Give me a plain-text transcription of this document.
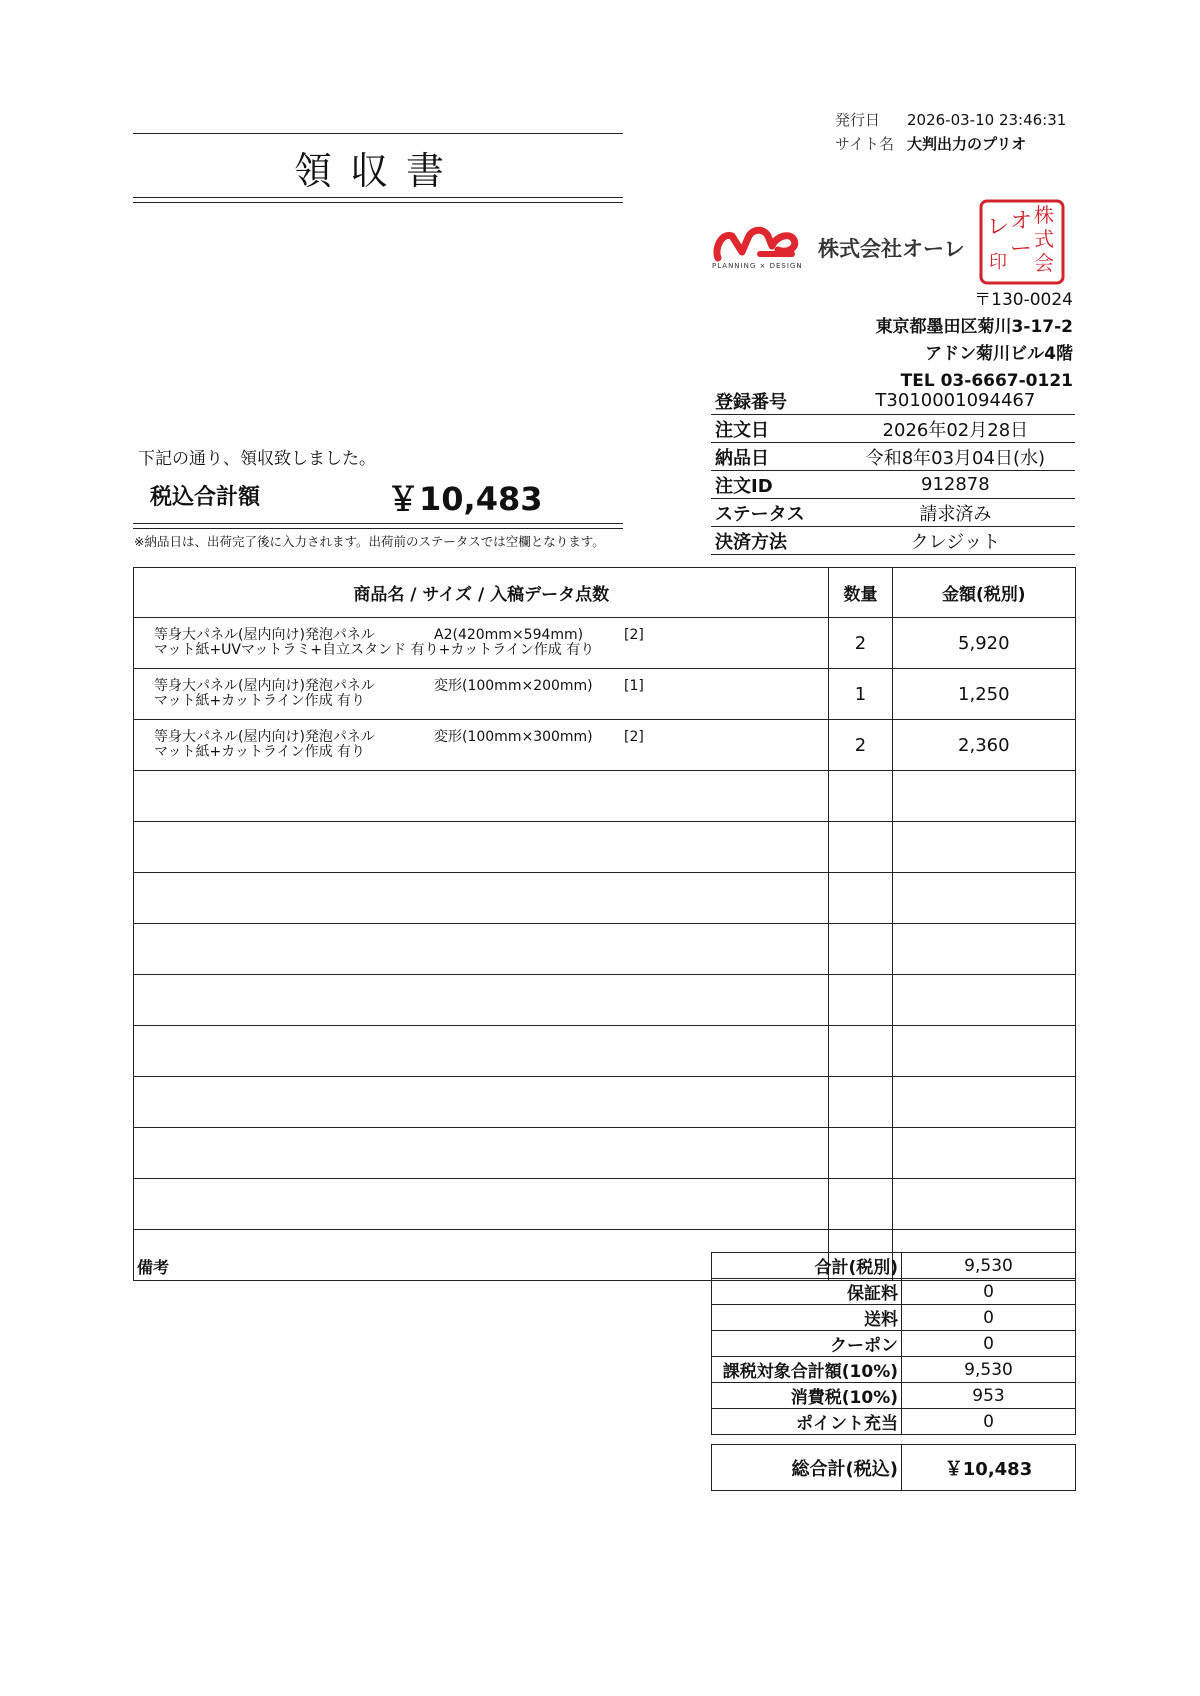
発行日 2026-03-10 23:46:31
サイト名 大判出力のプリオ
領収書
PLANNING × DESIGN
株式会社オーレ
株
式
会
オ
ー
レ
印
〒130-0024
東京都墨田区菊川3-17-2
アドン菊川ビル4階
TEL 03-6667-0121
登録番号	T3010001094467
注文日	2026年02月28日
納品日	令和8年03月04日(水)
注文ID	912878
ステータス	請求済み
決済方法	クレジット
下記の通り、領収致しました。
税込合計額	￥10,483
※納品日は、出荷完了後に入力されます。出荷前のステータスでは空欄となります。
商品名 / サイズ / 入稿データ点数	数量	金額(税別)

等身大パネル(屋内向け)発泡パネル A2(420mm×594mm) [2]
マット紙+UVマットラミ+自立スタンド 有り+カットライン作成 有り	2	5,920

等身大パネル(屋内向け)発泡パネル 変形(100mm×200mm) [1]
マット紙+カットライン作成 有り	1	1,250

等身大パネル(屋内向け)発泡パネル 変形(100mm×300mm) [2]
マット紙+カットライン作成 有り	2	2,360

備考	合計(税別)	9,530
保証料	0
送料	0
クーポン	0
課税対象合計額(10%)	9,530
消費税(10%)	953
ポイント充当	0
総合計(税込)	￥10,483
